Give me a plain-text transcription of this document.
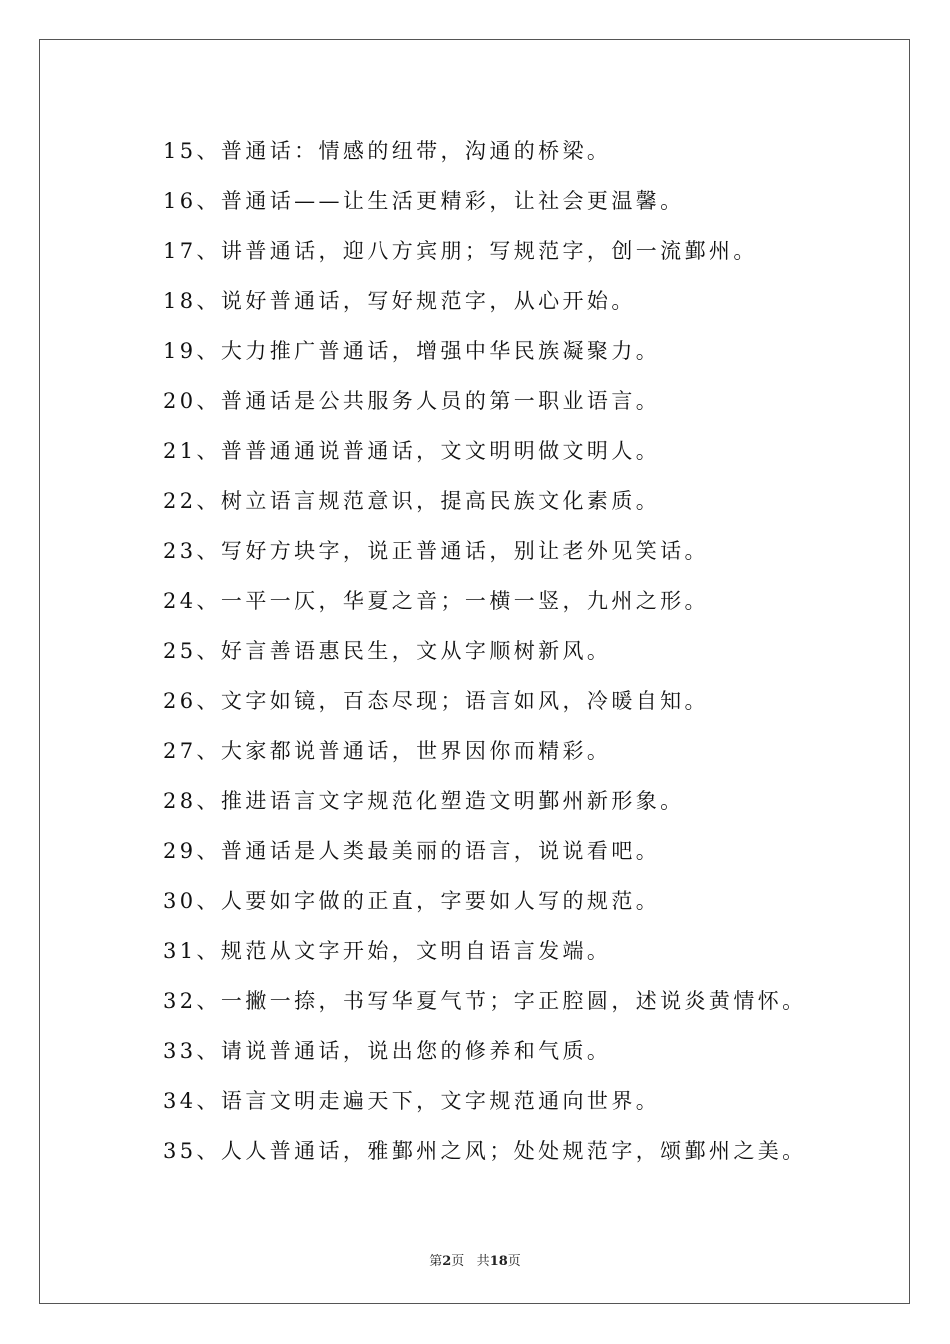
15、普通话：情感的纽带，沟通的桥梁。
16、普通话——让生活更精彩，让社会更温馨。
17、讲普通话，迎八方宾朋；写规范字，创一流鄞州。
18、说好普通话，写好规范字，从心开始。
19、大力推广普通话，增强中华民族凝聚力。
20、普通话是公共服务人员的第一职业语言。
21、普普通通说普通话，文文明明做文明人。
22、树立语言规范意识，提高民族文化素质。
23、写好方块字，说正普通话，别让老外见笑话。
24、一平一仄，华夏之音；一横一竖，九州之形。
25、好言善语惠民生，文从字顺树新风。
26、文字如镜，百态尽现；语言如风，冷暖自知。
27、大家都说普通话，世界因你而精彩。
28、推进语言文字规范化塑造文明鄞州新形象。
29、普通话是人类最美丽的语言，说说看吧。
30、人要如字做的正直，字要如人写的规范。
31、规范从文字开始，文明自语言发端。
32、一撇一捺，书写华夏气节；字正腔圆，述说炎黄情怀。
33、请说普通话，说出您的修养和气质。
34、语言文明走遍天下，文字规范通向世界。
35、人人普通话，雅鄞州之风；处处规范字，颂鄞州之美。
第2页 共18页
